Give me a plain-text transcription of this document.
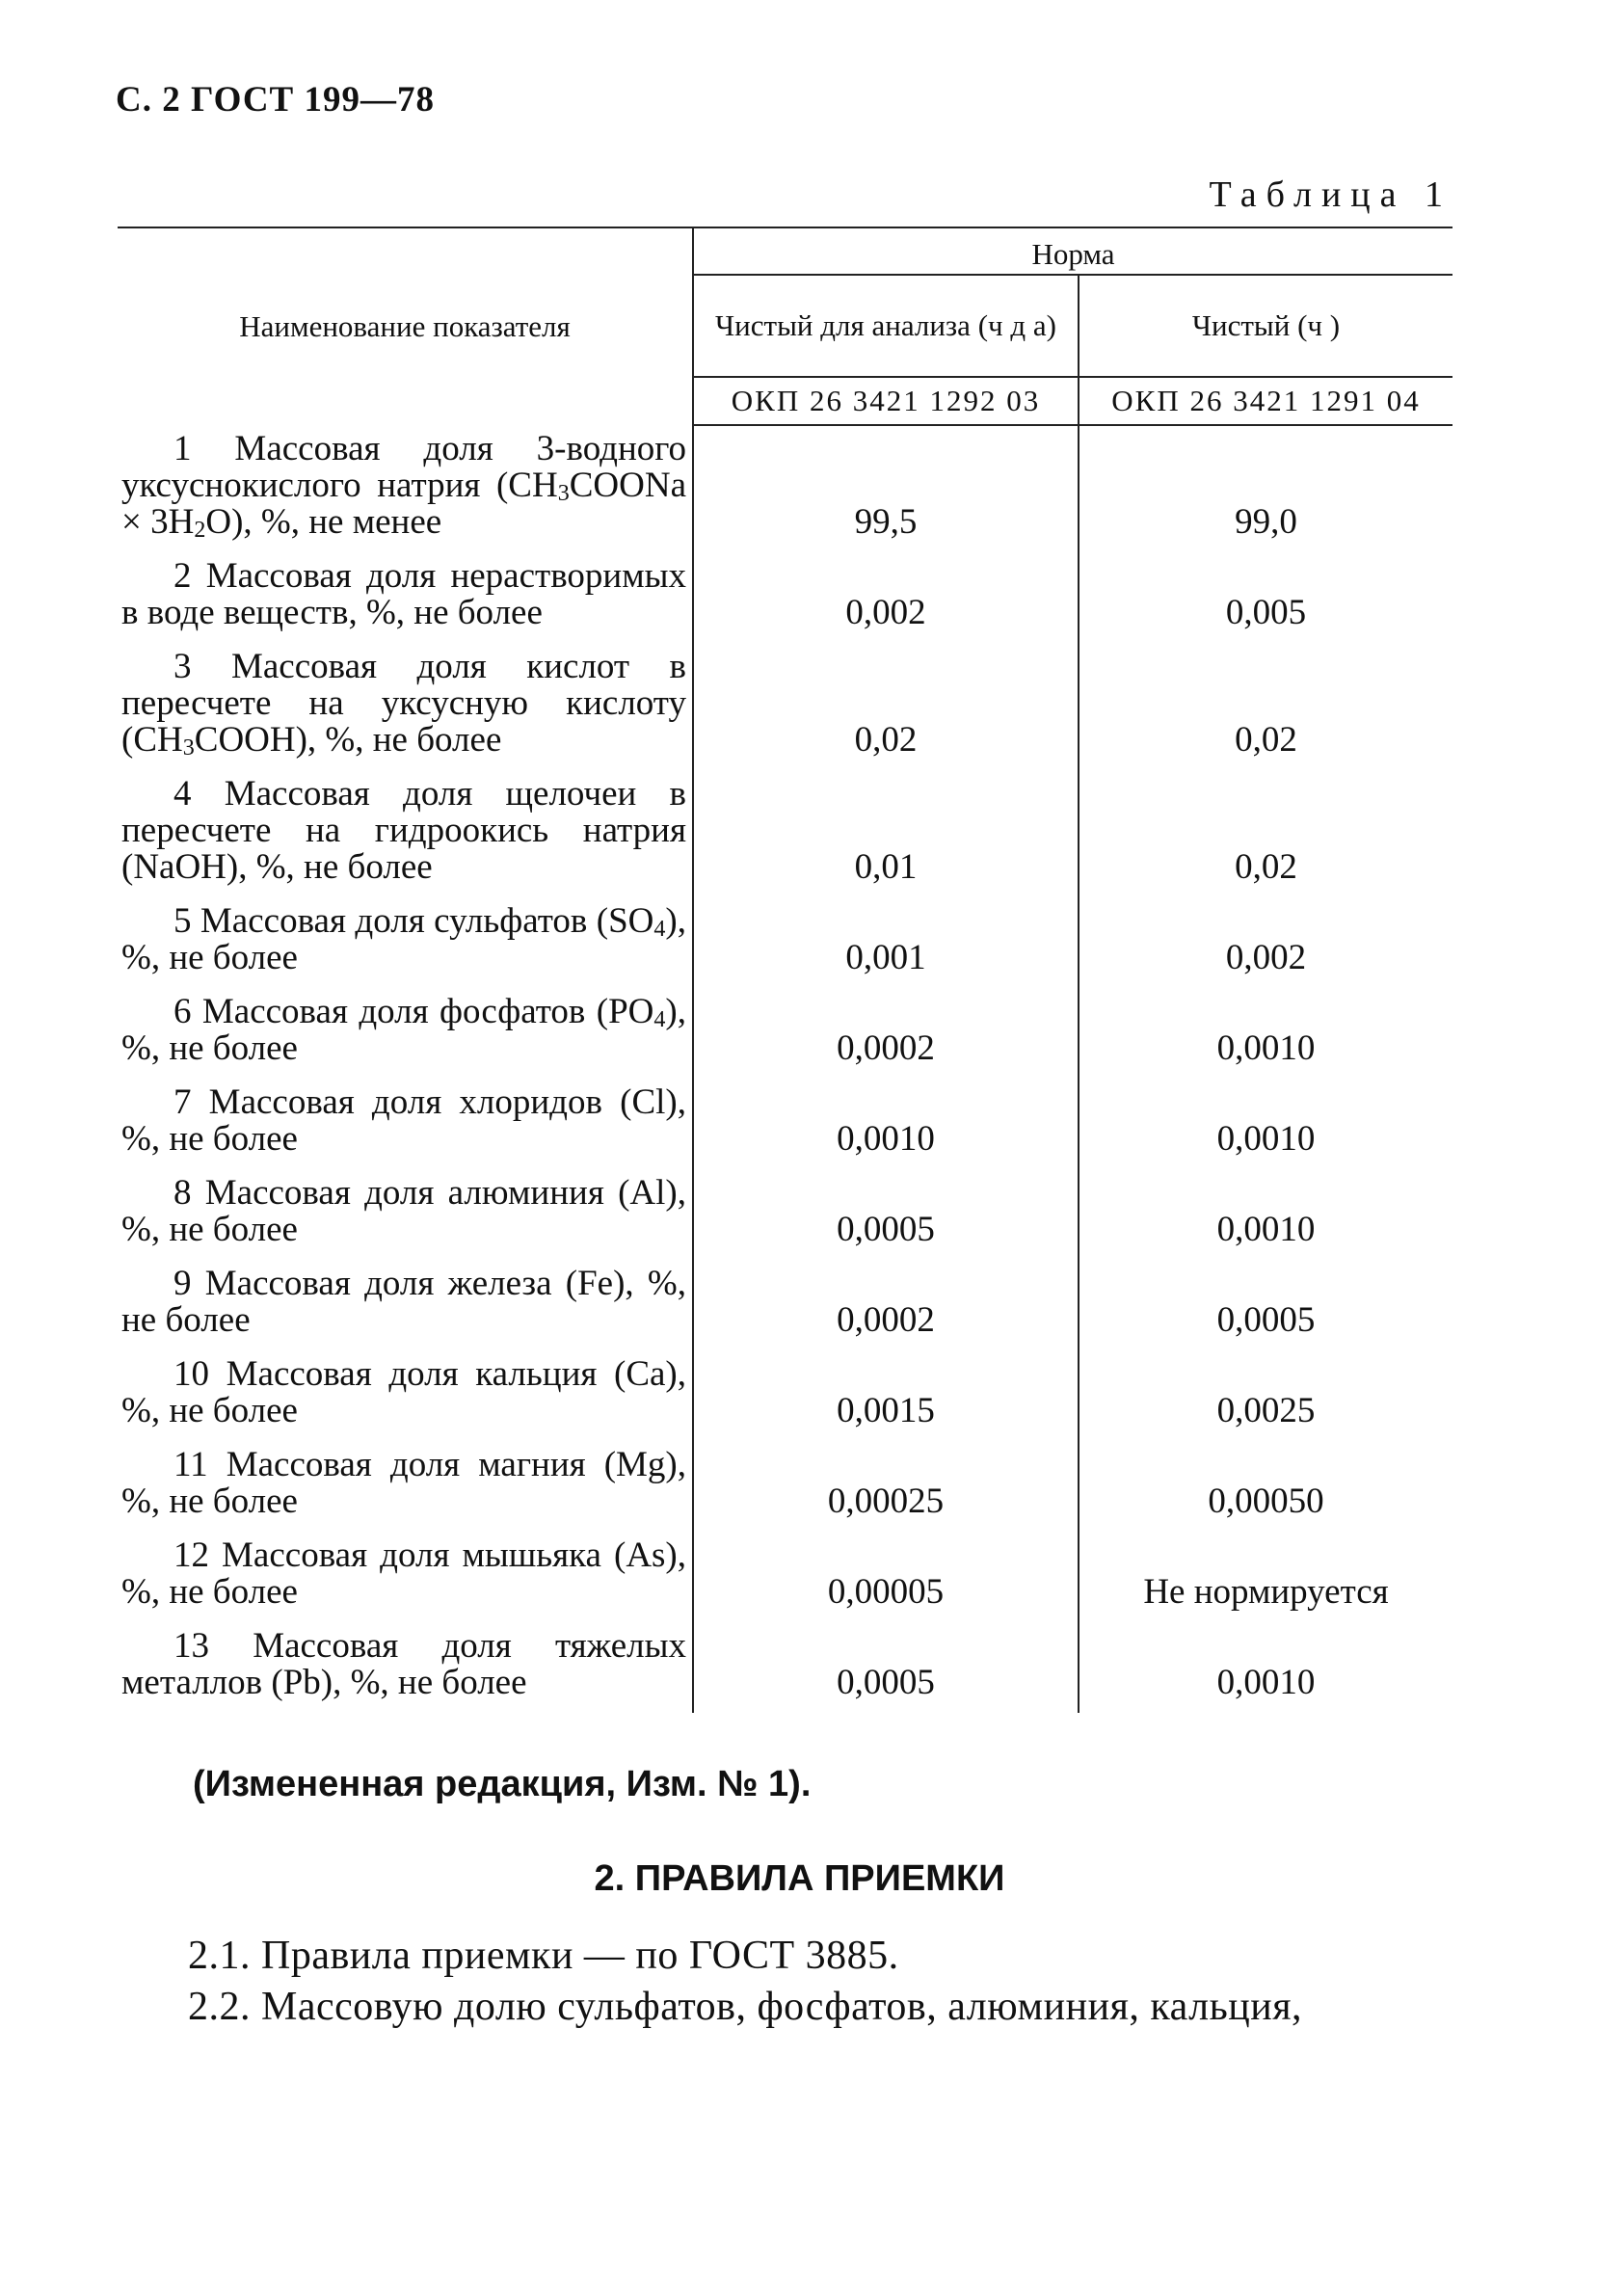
С. 2 ГОСТ 199—78
Таблица 1
Наименование показателя	Норма	
	Чистый для анализа (ч д а)	Чистый (ч )
	ОКП 26 3421 1292 03	ОКП 26 3421 1291 04
1 Массовая доля 3-водного уксуснокислого натрия $(CH_3COONa \times 3H_2O)$, %, не менее	99,5	99,0
2 Массовая доля нерастворимых в воде веществ, %, не более	0,002	0,005
3 Массовая доля кислот в пересчете на уксусную кислоту $(CH_3COOH)$, %, не более	0,02	0,02
4 Массовая доля щелочеи в пересчете на гидроокись натрия (NaOH), %, не более	0,01	0,02
5 Массовая доля сульфатов $(SO_4)$, %, не более	0,001	0,002
6 Массовая доля фосфатов $(PO_4)$, %, не более	0,0002	0,0010
7 Массовая доля хлоридов (Cl), %, не более	0,0010	0,0010
8 Массовая доля алюминия (Al), %, не более	0,0005	0,0010
9 Массовая доля железа (Fe), %, не более	0,0002	0,0005
10 Массовая доля кальция (Ca), %, не более	0,0015	0,0025
11 Массовая доля магния (Mg), %, не более	0,00025	0,00050
12 Массовая доля мышьяка (As), %, не более	0,00005	Не нормируется
13 Массовая доля тяжелых металлов (Pb), %, не более	0,0005	0,0010
(Измененная редакция, Изм. № 1).
2. ПРАВИЛА ПРИЕМКИ
2.1. Правила приемки — по ГОСТ 3885.
2.2. Массовую долю сульфатов, фосфатов, алюминия, кальция,
